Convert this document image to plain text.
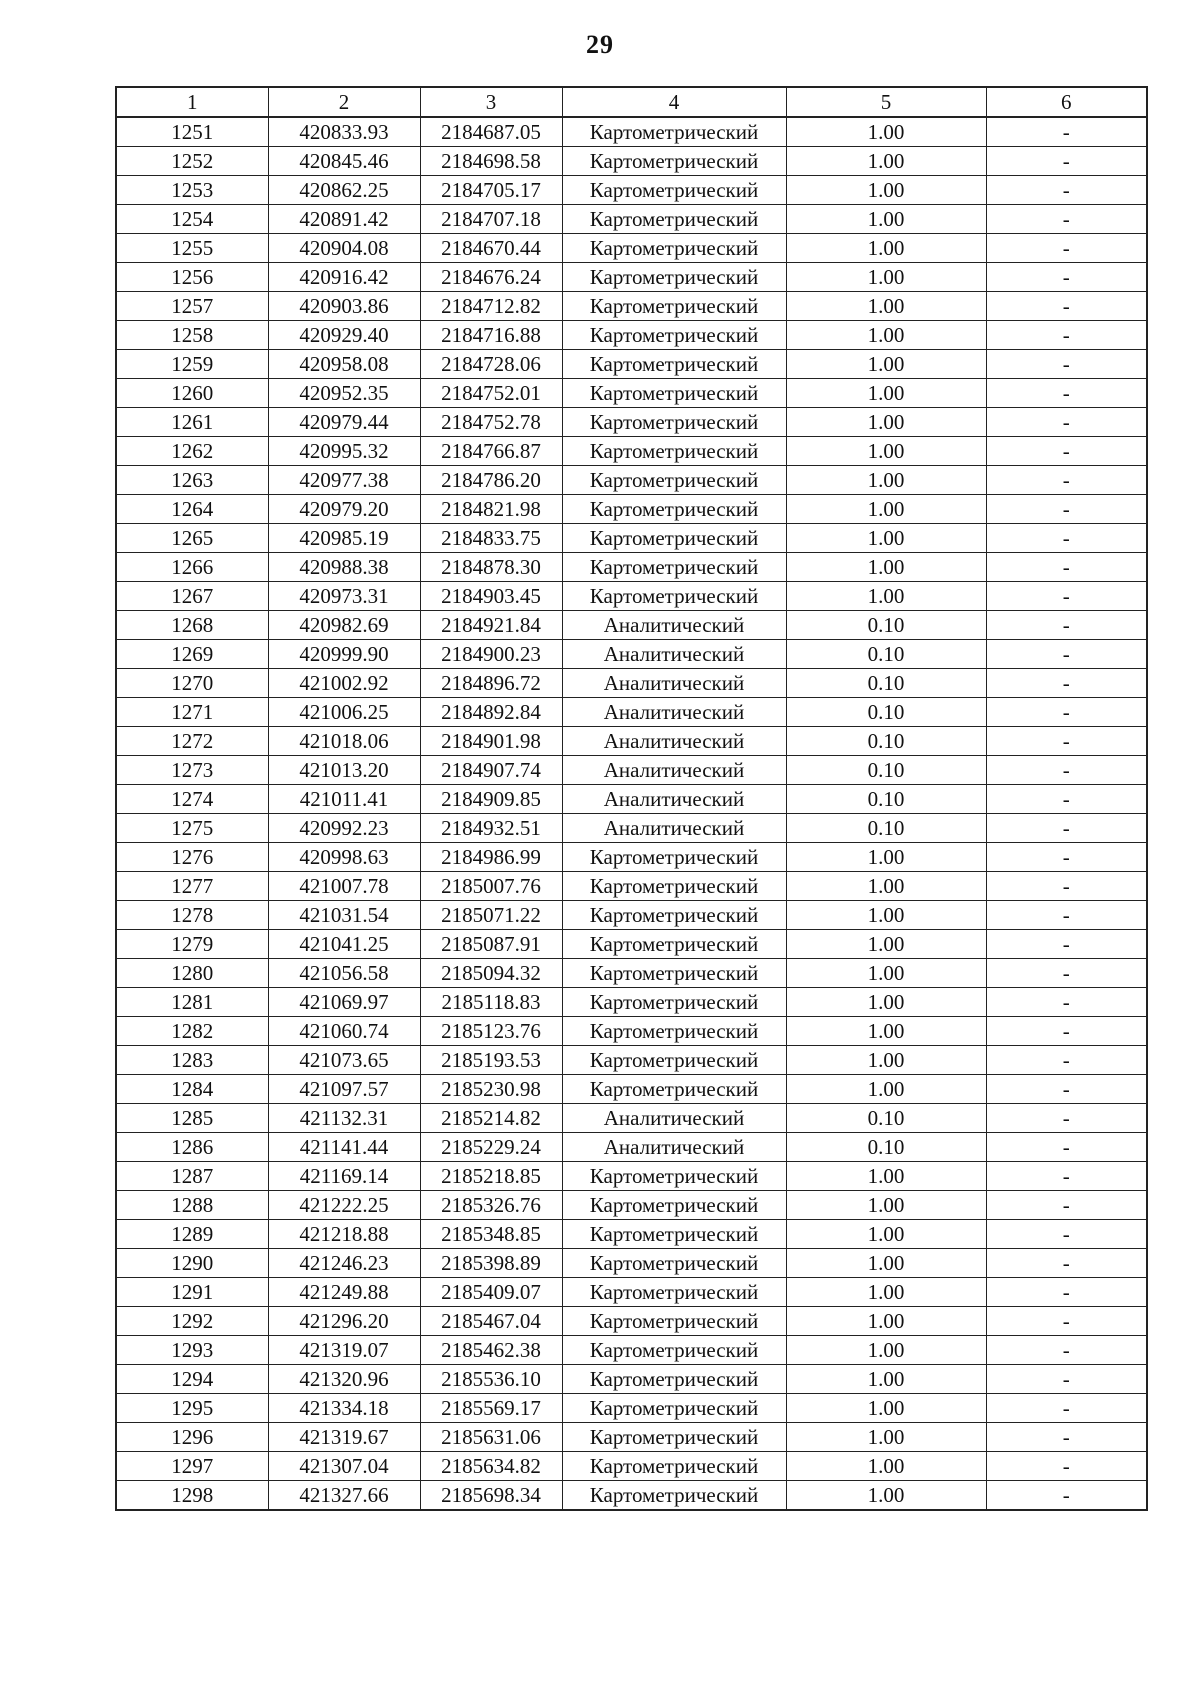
29
1	2	3	4	5	6
1251	420833.93	2184687.05	Картометрический	1.00	-
1252	420845.46	2184698.58	Картометрический	1.00	-
1253	420862.25	2184705.17	Картометрический	1.00	-
1254	420891.42	2184707.18	Картометрический	1.00	-
1255	420904.08	2184670.44	Картометрический	1.00	-
1256	420916.42	2184676.24	Картометрический	1.00	-
1257	420903.86	2184712.82	Картометрический	1.00	-
1258	420929.40	2184716.88	Картометрический	1.00	-
1259	420958.08	2184728.06	Картометрический	1.00	-
1260	420952.35	2184752.01	Картометрический	1.00	-
1261	420979.44	2184752.78	Картометрический	1.00	-
1262	420995.32	2184766.87	Картометрический	1.00	-
1263	420977.38	2184786.20	Картометрический	1.00	-
1264	420979.20	2184821.98	Картометрический	1.00	-
1265	420985.19	2184833.75	Картометрический	1.00	-
1266	420988.38	2184878.30	Картометрический	1.00	-
1267	420973.31	2184903.45	Картометрический	1.00	-
1268	420982.69	2184921.84	Аналитический	0.10	-
1269	420999.90	2184900.23	Аналитический	0.10	-
1270	421002.92	2184896.72	Аналитический	0.10	-
1271	421006.25	2184892.84	Аналитический	0.10	-
1272	421018.06	2184901.98	Аналитический	0.10	-
1273	421013.20	2184907.74	Аналитический	0.10	-
1274	421011.41	2184909.85	Аналитический	0.10	-
1275	420992.23	2184932.51	Аналитический	0.10	-
1276	420998.63	2184986.99	Картометрический	1.00	-
1277	421007.78	2185007.76	Картометрический	1.00	-
1278	421031.54	2185071.22	Картометрический	1.00	-
1279	421041.25	2185087.91	Картометрический	1.00	-
1280	421056.58	2185094.32	Картометрический	1.00	-
1281	421069.97	2185118.83	Картометрический	1.00	-
1282	421060.74	2185123.76	Картометрический	1.00	-
1283	421073.65	2185193.53	Картометрический	1.00	-
1284	421097.57	2185230.98	Картометрический	1.00	-
1285	421132.31	2185214.82	Аналитический	0.10	-
1286	421141.44	2185229.24	Аналитический	0.10	-
1287	421169.14	2185218.85	Картометрический	1.00	-
1288	421222.25	2185326.76	Картометрический	1.00	-
1289	421218.88	2185348.85	Картометрический	1.00	-
1290	421246.23	2185398.89	Картометрический	1.00	-
1291	421249.88	2185409.07	Картометрический	1.00	-
1292	421296.20	2185467.04	Картометрический	1.00	-
1293	421319.07	2185462.38	Картометрический	1.00	-
1294	421320.96	2185536.10	Картометрический	1.00	-
1295	421334.18	2185569.17	Картометрический	1.00	-
1296	421319.67	2185631.06	Картометрический	1.00	-
1297	421307.04	2185634.82	Картометрический	1.00	-
1298	421327.66	2185698.34	Картометрический	1.00	-
